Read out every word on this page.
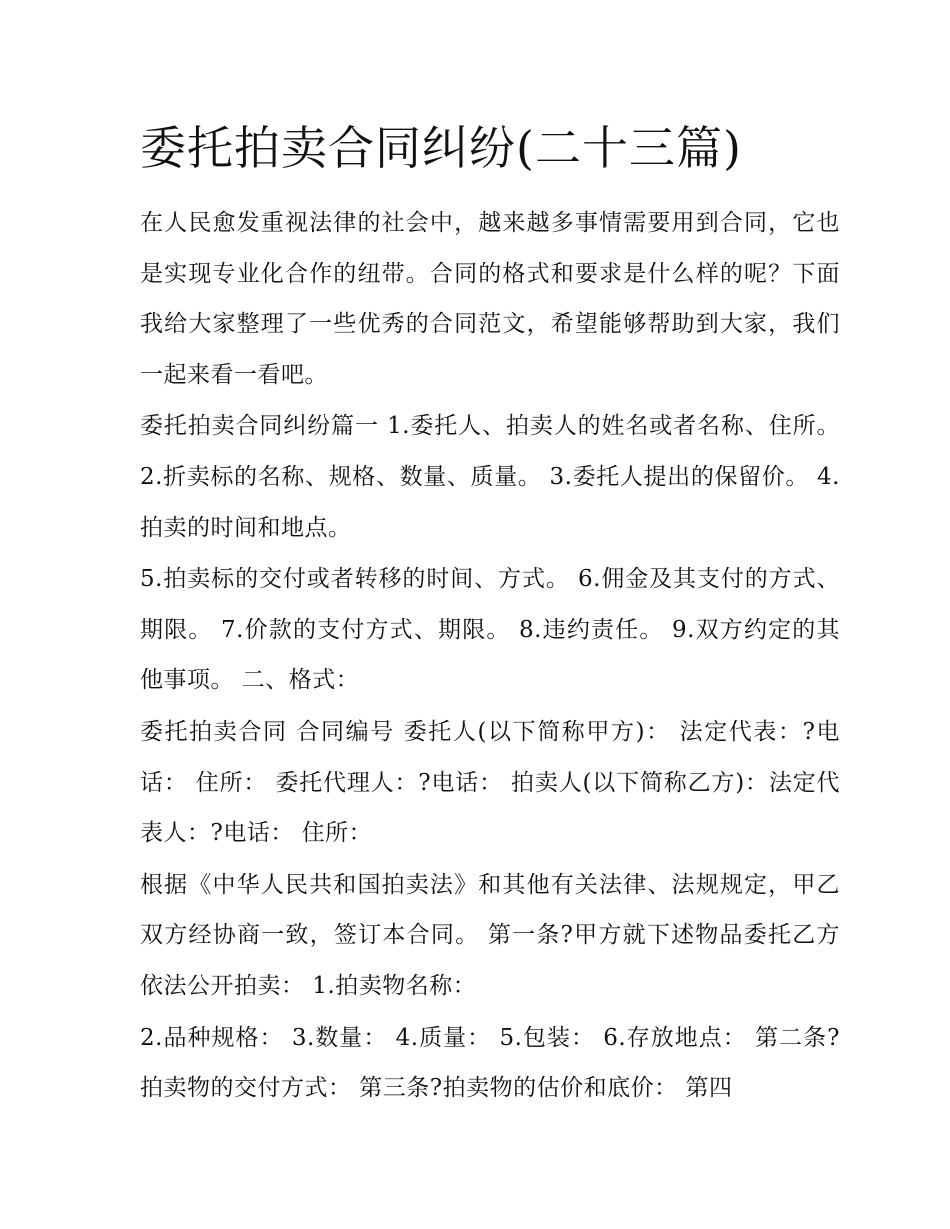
委托拍卖合同纠纷(二十三篇)

在人民愈发重视法律的社会中，越来越多事情需要用到合同，它也是实现专业化合作的纽带。合同的格式和要求是什么样的呢？下面我给大家整理了一些优秀的合同范文，希望能够帮助到大家，我们一起来看一看吧。

委托拍卖合同纠纷篇一 1.委托人、拍卖人的姓名或者名称、住所。 2.折卖标的名称、规格、数量、质量。 3.委托人提出的保留价。 4.拍卖的时间和地点。

5.拍卖标的交付或者转移的时间、方式。 6.佣金及其支付的方式、期限。 7.价款的支付方式、期限。 8.违约责任。 9.双方约定的其他事项。 二、格式：

委托拍卖合同 合同编号 委托人(以下简称甲方)： 法定代表：?电话： 住所： 委托代理人：?电话： 拍卖人(以下简称乙方)：法定代表人：?电话： 住所：

根据《中华人民共和国拍卖法》和其他有关法律、法规规定，甲乙双方经协商一致，签订本合同。 第一条?甲方就下述物品委托乙方依法公开拍卖： 1.拍卖物名称：

2.品种规格： 3.数量： 4.质量： 5.包装： 6.存放地点： 第二条?拍卖物的交付方式： 第三条?拍卖物的估价和底价： 第四
